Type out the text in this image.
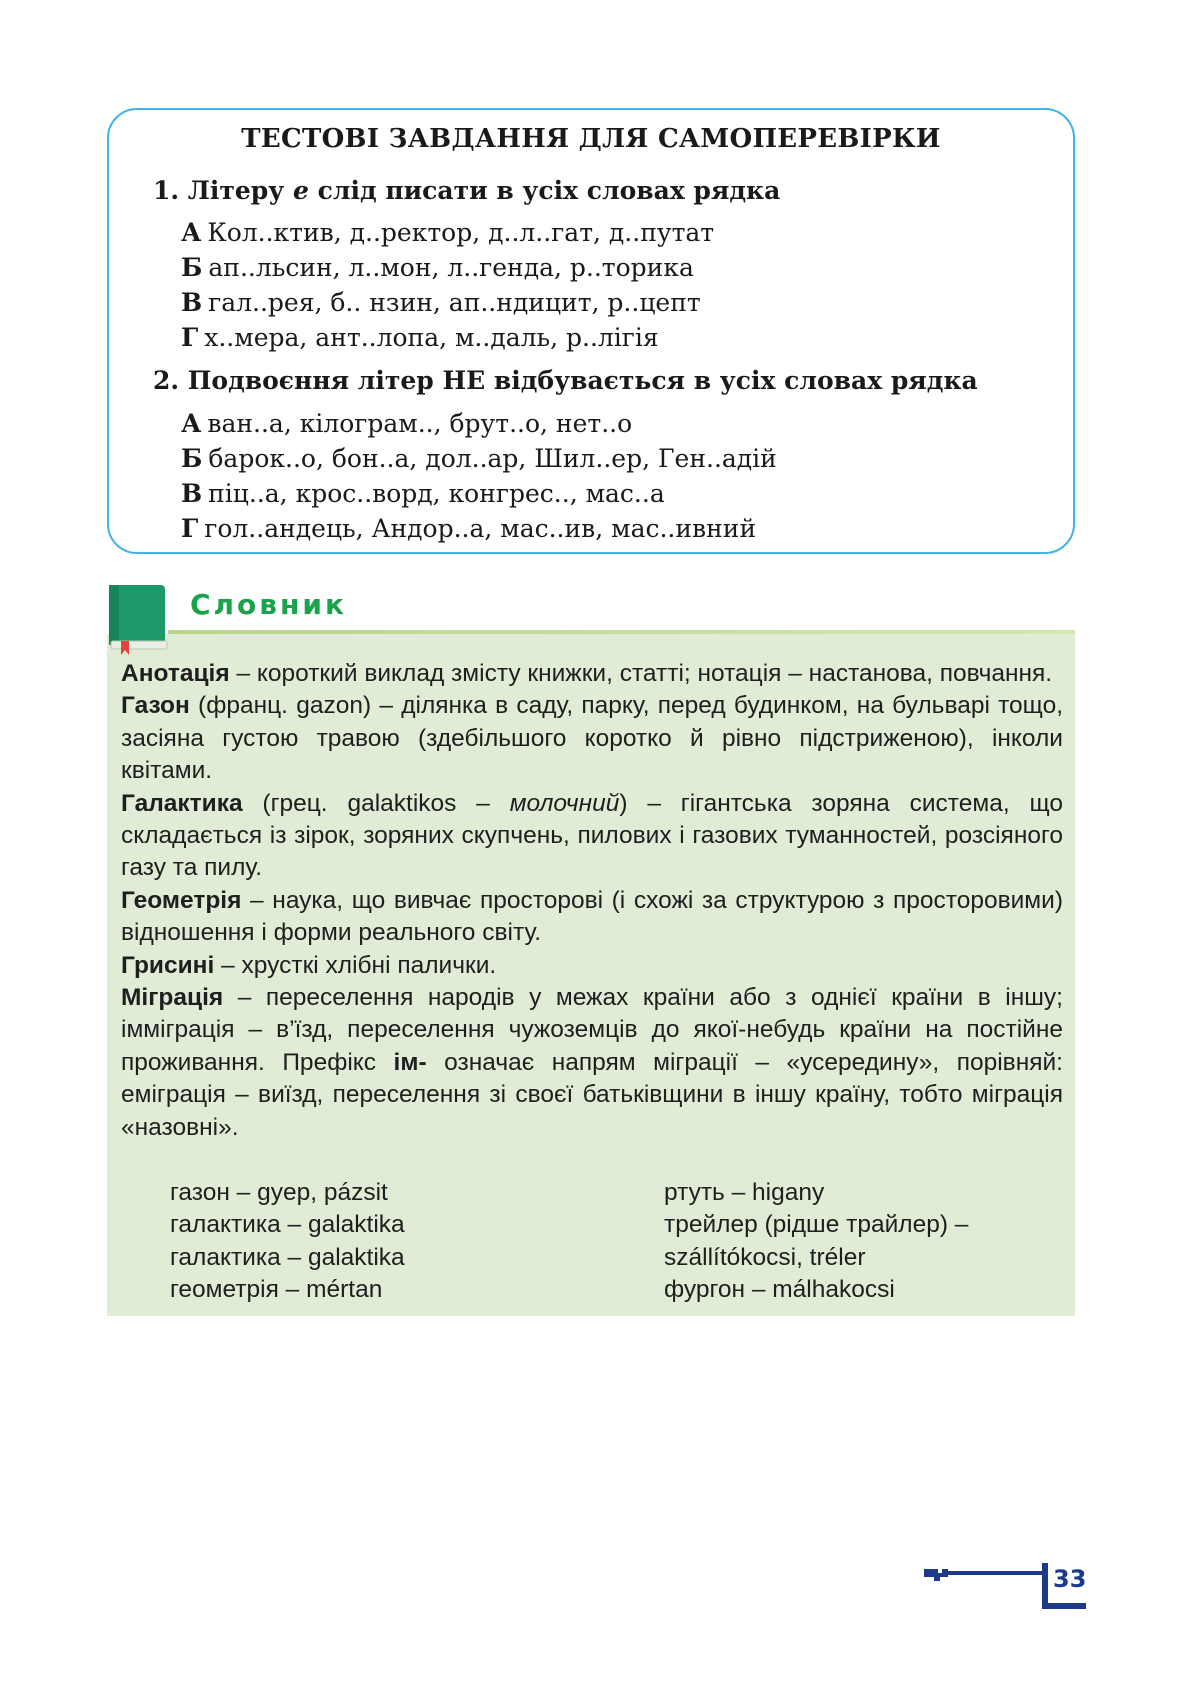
ТЕСТОВІ ЗАВДАННЯ ДЛЯ САМОПЕРЕВІРКИ
1. Літеру е слід писати в усіх словах рядка
А Кол..ктив, д..ректор, д..л..гат, д..путат
Б ап..льсин, л..мон, л..генда, р..торика
В гал..рея, б.. нзин, ап..ндицит, р..цепт
Г х..мера, ант..лопа, м..даль, р..лігія
2. Подвоєння літер НЕ відбувається в усіх словах рядка
А ван..а, кілограм.., брут..о, нет..о
Б барок..о, бон..а, дол..ар, Шил..ер, Ген..адій
В піц..а, крос..ворд, конгрес.., мас..а
Г гол..андець, Андор..а, мас..ив, мас..ивний
Словник

Анотація – короткий виклад змісту книжки, статті; нотація – настанова, повчання.

Газон (франц. gazon) – ділянка в саду, парку, перед будинком, на бульварі тощо, засіяна густою травою (здебільшого коротко й рівно підстриженою), інколи квітами.

Галактика (грец. galaktikos – молочний) – гігантська зоряна система, що складається із зірок, зоряних скупчень, пилових і газових туманностей, розсіяного газу та пилу.

Геометрія – наука, що вивчає просторові (і схожі за структурою з просторовими) відношення і форми реального світу.

Грисині – хрусткі хлібні палички.

Міграція – переселення народів у межах країни або з однієї країни в іншу; імміграція – в’їзд, переселення чужоземців до якої-небудь країни на постійне проживання. Префікс ім- означає напрям міграції – «усередину», порівняй: еміграція – виїзд, переселення зі своєї батьківщини в іншу країну, тобто міграція «назовні».

газон – gyep, pázsit
галактика – galaktika
галактика – galaktika
геометрія – mértan
ртуть – higany
трейлер (рідше трайлер) –
szállítókocsi, tréler
фургон – málhakocsi
33
